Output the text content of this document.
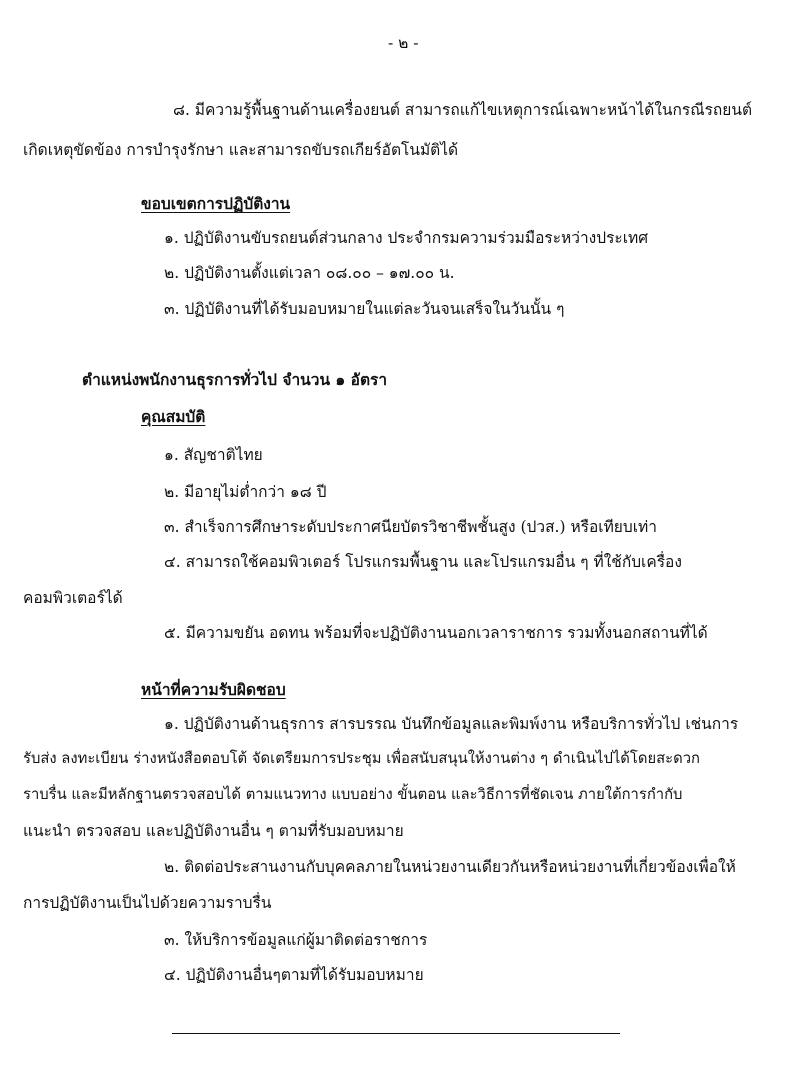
- ๒ -
๘. มีความรู้พื้นฐานด้านเครื่องยนต์ สามารถแก้ไขเหตุการณ์เฉพาะหน้าได้ในกรณีรถยนต์
เกิดเหตุขัดข้อง การบำรุงรักษา และสามารถขับรถเกียร์อัตโนมัติได้
ขอบเขตการปฏิบัติงาน
๑. ปฏิบัติงานขับรถยนต์ส่วนกลาง ประจำกรมความร่วมมือระหว่างประเทศ
๒. ปฏิบัติงานตั้งแต่เวลา ๐๘.๐๐ – ๑๗.๐๐ น.
๓. ปฏิบัติงานที่ได้รับมอบหมายในแต่ละวันจนเสร็จในวันนั้น ๆ
ตำแหน่งพนักงานธุรการทั่วไป จำนวน ๑ อัตรา
คุณสมบัติ
๑. สัญชาติไทย
๒. มีอายุไม่ต่ำกว่า ๑๘ ปี
๓. สำเร็จการศึกษาระดับประกาศนียบัตรวิชาชีพชั้นสูง (ปวส.) หรือเทียบเท่า
๔. สามารถใช้คอมพิวเตอร์ โปรแกรมพื้นฐาน และโปรแกรมอื่น ๆ ที่ใช้กับเครื่อง
คอมพิวเตอร์ได้
๕. มีความขยัน อดทน พร้อมที่จะปฏิบัติงานนอกเวลาราชการ รวมทั้งนอกสถานที่ได้
หน้าที่ความรับผิดชอบ
๑. ปฏิบัติงานด้านธุรการ สารบรรณ บันทึกข้อมูลและพิมพ์งาน หรือบริการทั่วไป เช่นการ
รับส่ง ลงทะเบียน ร่างหนังสือตอบโต้ จัดเตรียมการประชุม เพื่อสนับสนุนให้งานต่าง ๆ ดำเนินไปได้โดยสะดวก
ราบรื่น และมีหลักฐานตรวจสอบได้ ตามแนวทาง แบบอย่าง ขั้นตอน และวิธีการที่ชัดเจน ภายใต้การกำกับ
แนะนำ ตรวจสอบ และปฏิบัติงานอื่น ๆ ตามที่รับมอบหมาย
๒. ติดต่อประสานงานกับบุคคลภายในหน่วยงานเดียวกันหรือหน่วยงานที่เกี่ยวข้องเพื่อให้
การปฏิบัติงานเป็นไปด้วยความราบรื่น
๓. ให้บริการข้อมูลแก่ผู้มาติดต่อราชการ
๔. ปฏิบัติงานอื่นๆตามที่ได้รับมอบหมาย
